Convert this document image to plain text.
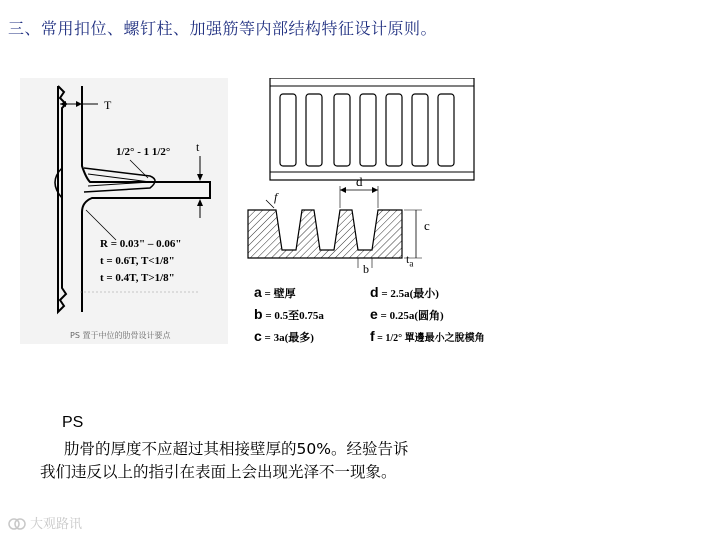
三、常用扣位、螺钉柱、加强筋等内部结构特征设计原则。
T
t
1/2° - 1 1/2°
R = 0.03" – 0.06"
t = 0.6T, T<1/8"
t = 0.4T, T>1/8"
PS 置于中位的肋骨设计要点
f
d
c
b
$t_a$
a = 壁厚
b = 0.5至0.75a
c = 3a(最多)
d = 2.5a(最小)
e = 0.25a(圆角)
f = 1/2° 單邊最小之脫模角
PS
肋骨的厚度不应超过其相接壁厚的50%。经验告诉
我们违反以上的指引在表面上会出现光泽不一现象。
大观路讯
